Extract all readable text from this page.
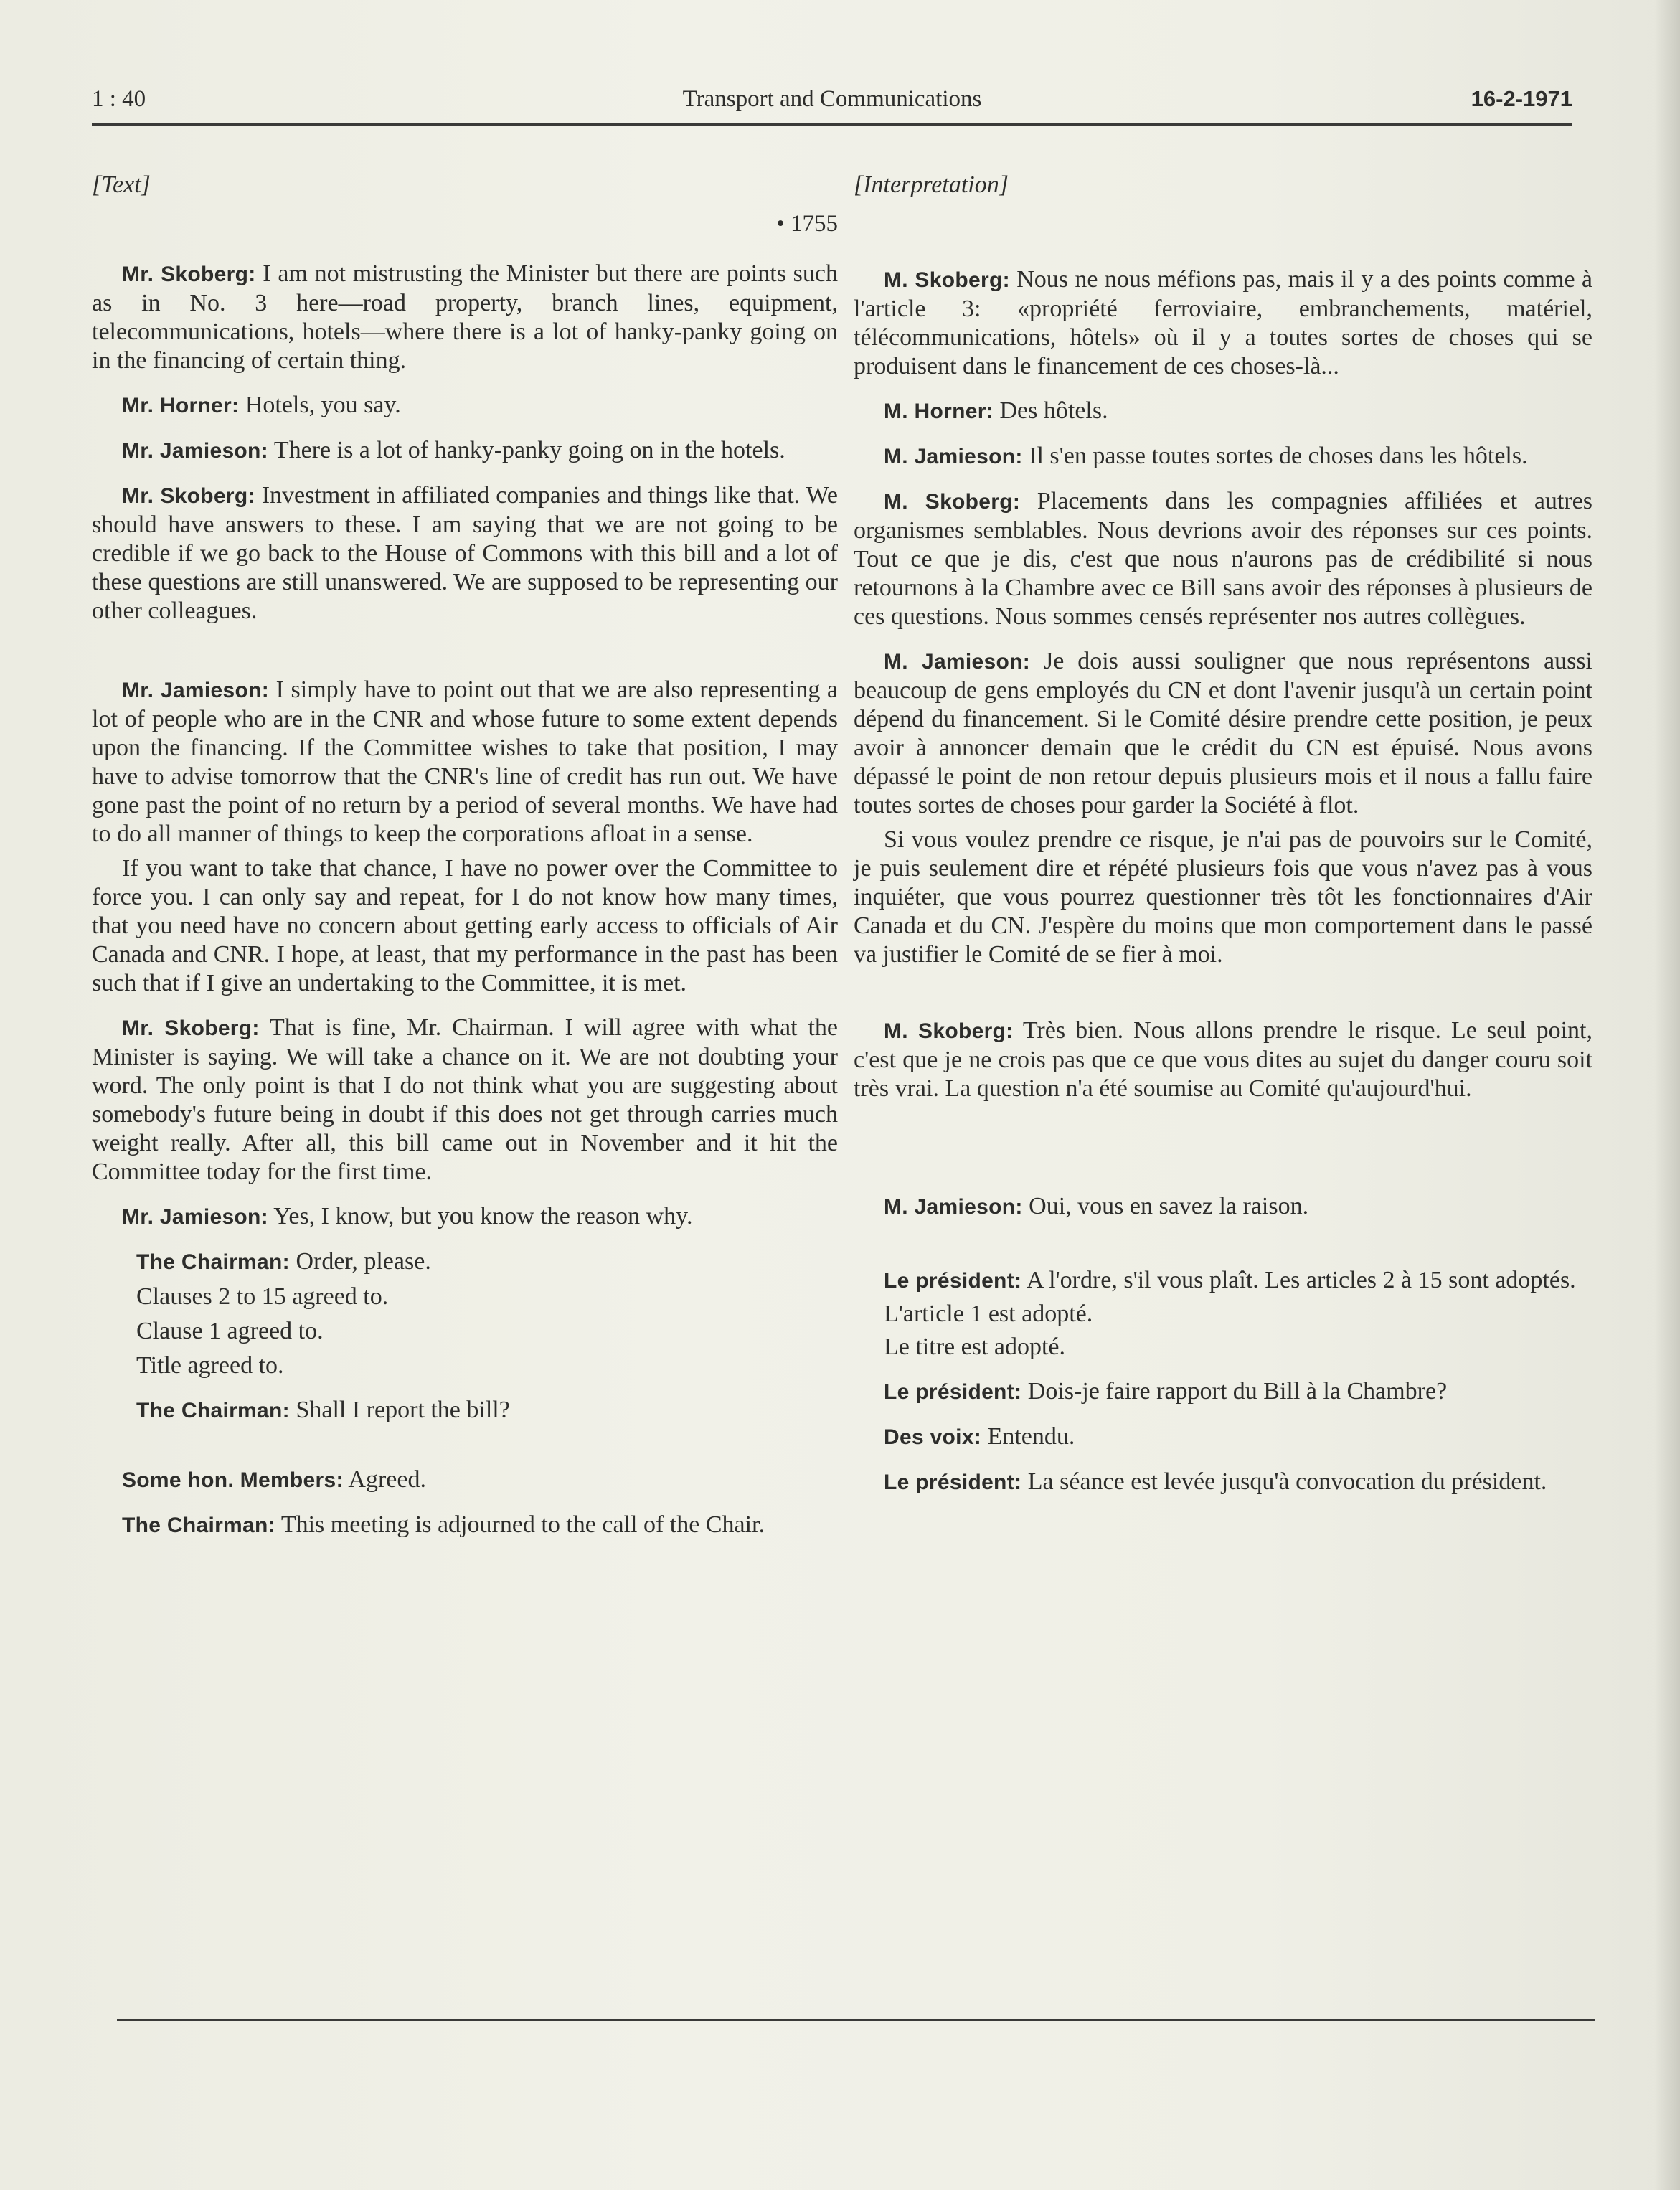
1 : 40	Transport and Communications	16-2-1971
[Text]
• 1755

Mr. Skoberg: I am not mistrusting the Minister but there are points such as in No. 3 here—road property, branch lines, equipment, telecommunications, hotels—where there is a lot of hanky-panky going on in the financing of certain thing.

Mr. Horner: Hotels, you say.

Mr. Jamieson: There is a lot of hanky-panky going on in the hotels.

Mr. Skoberg: Investment in affiliated companies and things like that. We should have answers to these. I am saying that we are not going to be credible if we go back to the House of Commons with this bill and a lot of these questions are still unanswered. We are supposed to be representing our other colleagues.

Mr. Jamieson: I simply have to point out that we are also representing a lot of people who are in the CNR and whose future to some extent depends upon the financing. If the Committee wishes to take that position, I may have to advise tomorrow that the CNR's line of credit has run out. We have gone past the point of no return by a period of several months. We have had to do all manner of things to keep the corporations afloat in a sense.

If you want to take that chance, I have no power over the Committee to force you. I can only say and repeat, for I do not know how many times, that you need have no concern about getting early access to officials of Air Canada and CNR. I hope, at least, that my performance in the past has been such that if I give an undertaking to the Committee, it is met.

Mr. Skoberg: That is fine, Mr. Chairman. I will agree with what the Minister is saying. We will take a chance on it. We are not doubting your word. The only point is that I do not think what you are suggesting about somebody's future being in doubt if this does not get through carries much weight really. After all, this bill came out in November and it hit the Committee today for the first time.

Mr. Jamieson: Yes, I know, but you know the reason why.

The Chairman: Order, please.

Clauses 2 to 15 agreed to.

Clause 1 agreed to.

Title agreed to.

The Chairman: Shall I report the bill?

Some hon. Members: Agreed.

The Chairman: This meeting is adjourned to the call of the Chair.

[Interpretation]

M. Skoberg: Nous ne nous méfions pas, mais il y a des points comme à l'article 3: «propriété ferroviaire, embranchements, matériel, télécommunications, hôtels» où il y a toutes sortes de choses qui se produisent dans le financement de ces choses-là...

M. Horner: Des hôtels.

M. Jamieson: Il s'en passe toutes sortes de choses dans les hôtels.

M. Skoberg: Placements dans les compagnies affiliées et autres organismes semblables. Nous devrions avoir des réponses sur ces points. Tout ce que je dis, c'est que nous n'aurons pas de crédibilité si nous retournons à la Chambre avec ce Bill sans avoir des réponses à plusieurs de ces questions. Nous sommes censés représenter nos autres collègues.

M. Jamieson: Je dois aussi souligner que nous représentons aussi beaucoup de gens employés du CN et dont l'avenir jusqu'à un certain point dépend du financement. Si le Comité désire prendre cette position, je peux avoir à annoncer demain que le crédit du CN est épuisé. Nous avons dépassé le point de non retour depuis plusieurs mois et il nous a fallu faire toutes sortes de choses pour garder la Société à flot.

Si vous voulez prendre ce risque, je n'ai pas de pouvoirs sur le Comité, je puis seulement dire et répété plusieurs fois que vous n'avez pas à vous inquiéter, que vous pourrez questionner très tôt les fonctionnaires d'Air Canada et du CN. J'espère du moins que mon comportement dans le passé va justifier le Comité de se fier à moi.

M. Skoberg: Très bien. Nous allons prendre le risque. Le seul point, c'est que je ne crois pas que ce que vous dites au sujet du danger couru soit très vrai. La question n'a été soumise au Comité qu'aujourd'hui.

M. Jamieson: Oui, vous en savez la raison.

Le président: A l'ordre, s'il vous plaît. Les articles 2 à 15 sont adoptés.

L'article 1 est adopté.

Le titre est adopté.

Le président: Dois-je faire rapport du Bill à la Chambre?

Des voix: Entendu.

Le président: La séance est levée jusqu'à convocation du président.
